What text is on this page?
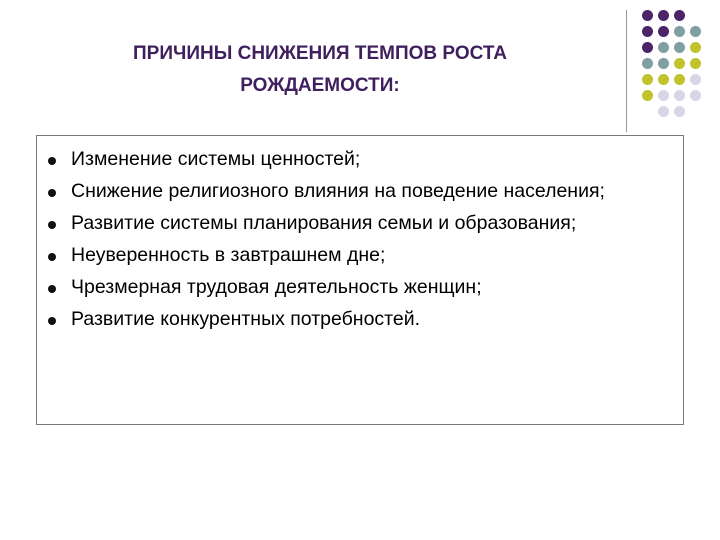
ПРИЧИНЫ СНИЖЕНИЯ ТЕМПОВ РОСТА
РОЖДАЕМОСТИ:
Изменение системы ценностей;
Снижение религиозного влияния на поведение населения;
Развитие системы планирования семьи и образования;
Неуверенность в завтрашнем дне;
Чрезмерная трудовая деятельность женщин;
Развитие конкурентных потребностей.
